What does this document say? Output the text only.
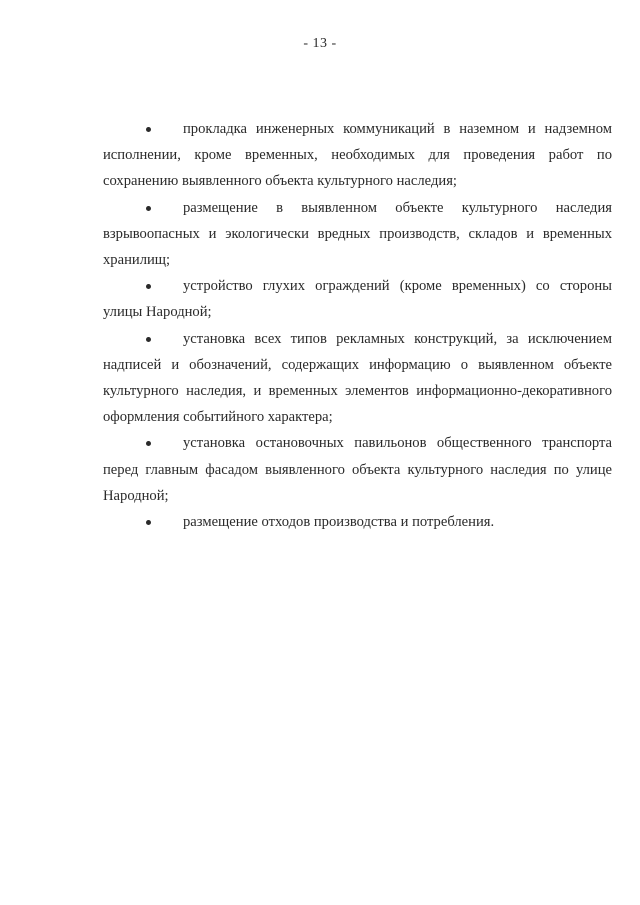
- 13 -
прокладка инженерных коммуникаций в наземном и надземном исполнении, кроме временных, необходимых для проведения работ по сохранению выявленного объекта культурного наследия;
размещение в выявленном объекте культурного наследия взрывоопасных и экологически вредных производств, складов и временных хранилищ;
устройство глухих ограждений (кроме временных) со стороны улицы Народной;
установка всех типов рекламных конструкций, за исключением надписей и обозначений, содержащих информацию о выявленном объекте культурного наследия, и временных элементов информационно-декоративного оформления событийного характера;
установка остановочных павильонов общественного транспорта перед главным фасадом выявленного объекта культурного наследия по улице Народной;
размещение отходов производства и потребления.
